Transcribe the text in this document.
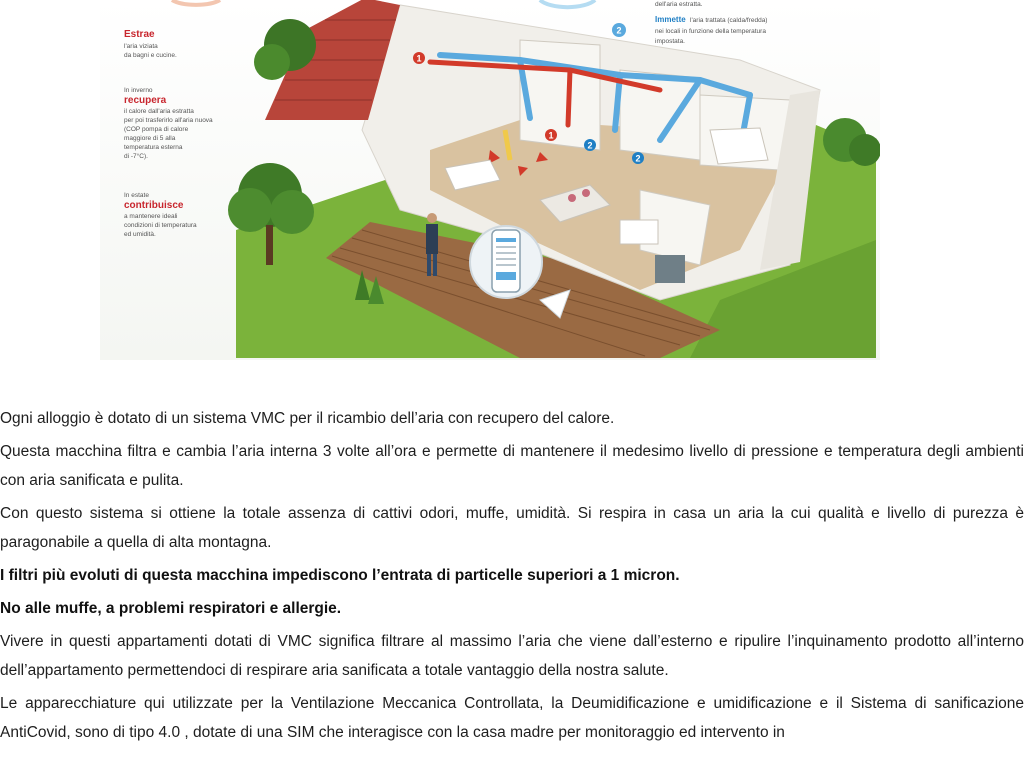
1
1
2
2
Estrae
l'aria viziata
da bagni e cucine.
In inverno
recupera
il calore dall'aria estratta
per poi trasferirlo all'aria nuova
(COP pompa di calore
maggiore di 5 alla
temperatura esterna
di -7°C).
In estate
contribuisce
a mantenere ideali
condizioni di temperatura
ed umidità.
dell'aria estratta.
2
Immette l'aria trattata (calda/fredda)
nei locali in funzione della temperatura
impostata.

Ogni alloggio è dotato di un sistema VMC per il ricambio dell’aria con recupero del calore.

Questa macchina filtra e cambia l’aria interna 3 volte all’ora e permette di mantenere il medesimo livello di pressione e temperatura degli ambienti con aria sanificata e pulita.

Con questo sistema si ottiene la totale assenza di cattivi odori, muffe, umidità. Si respira in casa un aria la cui qualità e livello di purezza è paragonabile a quella di alta montagna.

I filtri più evoluti di questa macchina impediscono l’entrata di particelle superiori a 1 micron.

No alle muffe, a problemi respiratori e allergie.

Vivere in questi appartamenti dotati di VMC significa filtrare al massimo l’aria che viene dall’esterno e ripulire l’inquinamento prodotto all’interno dell’appartamento permettendoci di respirare aria sanificata a totale vantaggio della nostra salute.

Le apparecchiature qui utilizzate per la Ventilazione Meccanica Controllata, la Deumidificazione e umidificazione e il Sistema di sanificazione AntiCovid, sono di tipo 4.0 , dotate di una SIM che interagisce con la casa madre per monitoraggio ed intervento in
